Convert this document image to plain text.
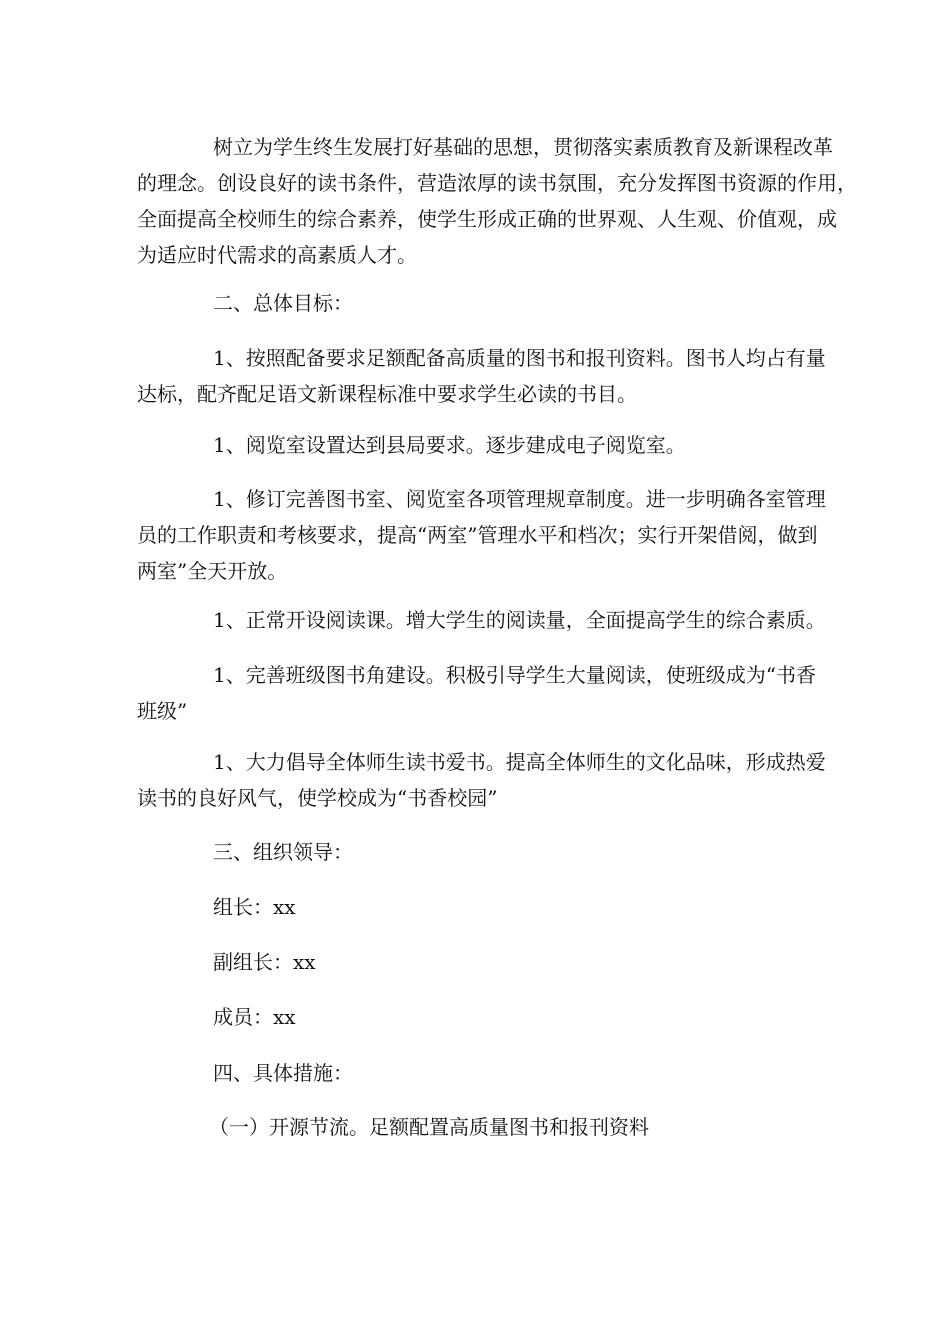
树立为学生终生发展打好基础的思想，贯彻落实素质教育及新课程改革
的理念。创设良好的读书条件，营造浓厚的读书氛围，充分发挥图书资源的作用，
全面提高全校师生的综合素养，使学生形成正确的世界观、人生观、价值观，成
为适应时代需求的高素质人才。
二、总体目标：
1、按照配备要求足额配备高质量的图书和报刊资料。图书人均占有量
达标，配齐配足语文新课程标准中要求学生必读的书目。
1、阅览室设置达到县局要求。逐步建成电子阅览室。
1、修订完善图书室、阅览室各项管理规章制度。进一步明确各室管理
员的工作职责和考核要求，提高“两室”管理水平和档次；实行开架借阅，做到
两室”全天开放。
1、正常开设阅读课。增大学生的阅读量，全面提高学生的综合素质。
1、完善班级图书角建设。积极引导学生大量阅读，使班级成为“书香
班级”
1、大力倡导全体师生读书爱书。提高全体师生的文化品味，形成热爱
读书的良好风气，使学校成为“书香校园”
三、组织领导：
组长：xx
副组长：xx
成员：xx
四、具体措施：
（一）开源节流。足额配置高质量图书和报刊资料
